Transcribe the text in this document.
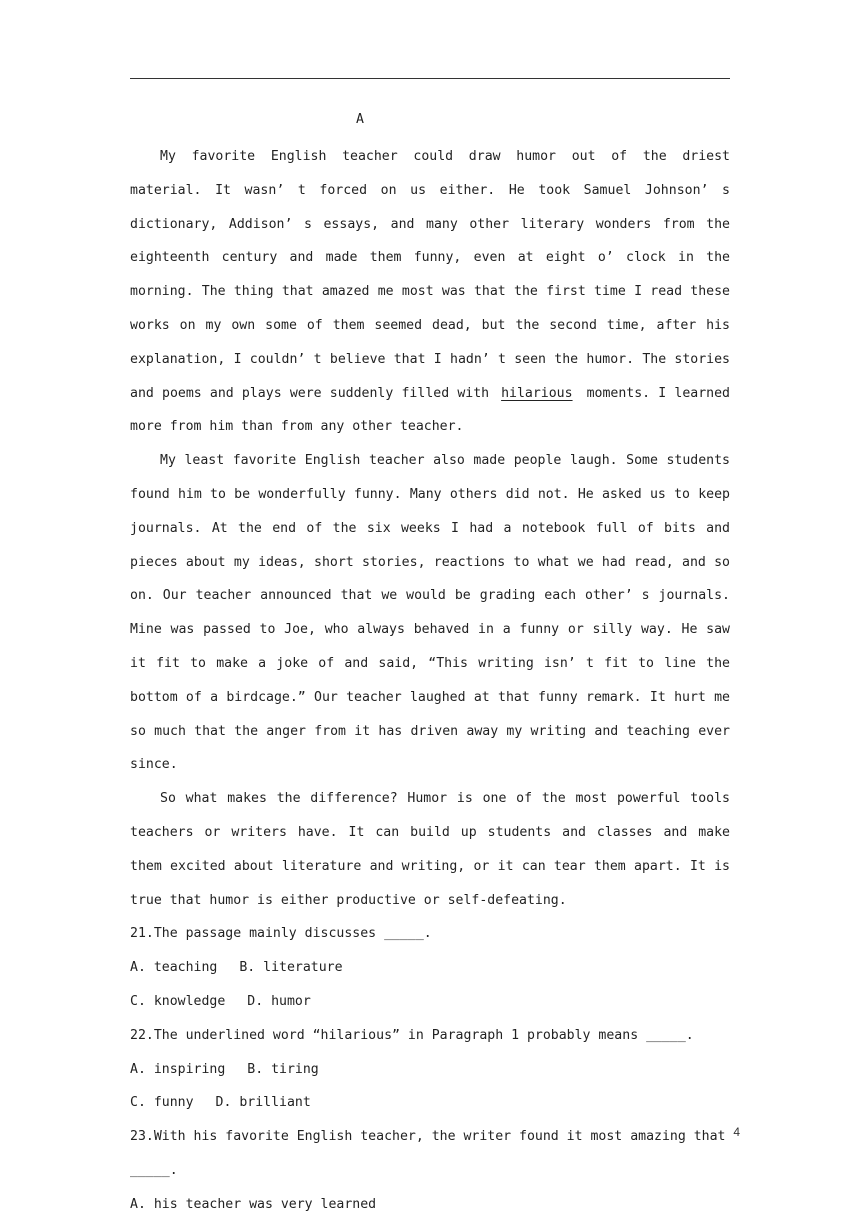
A

My favorite English teacher could draw humor out of the driest material. It wasn’ t forced on us either. He took Samuel Johnson’ s dictionary, Addison’ s essays, and many other literary wonders from the eighteenth century and made them funny, even at eight o’ clock in the morning. The thing that amazed me most was that the first time I read these works on my own some of them seemed dead, but the second time, after his explanation, I couldn’ t believe that I hadn’ t seen the humor. The stories and poems and plays were suddenly filled with hilarious moments. I learned more from him than from any other teacher.

My least favorite English teacher also made people laugh. Some students found him to be wonderfully funny. Many others did not. He asked us to keep journals. At the end of the six weeks I had a notebook full of bits and pieces about my ideas, short stories, reactions to what we had read, and so on. Our teacher announced that we would be grading each other’ s journals. Mine was passed to Joe, who always behaved in a funny or silly way. He saw it fit to make a joke of and said, “This writing isn’ t fit to line the bottom of a birdcage.” Our teacher laughed at that funny remark. It hurt me so much that the anger from it has driven away my writing and teaching ever since.

So what makes the difference? Humor is one of the most powerful tools teachers or writers have. It can build up students and classes and make them excited about literature and writing, or it can tear them apart. It is true that humor is either productive or self-defeating.

21.The passage mainly discusses _____.
A. teaching B. literature
C. knowledge D. humor
22.The underlined word “hilarious” in Paragraph 1 probably means _____.
A. inspiring B. tiring
C. funny D. brilliant
23.With his favorite English teacher, the writer found it most amazing that _____.
A. his teacher was very learned
4
